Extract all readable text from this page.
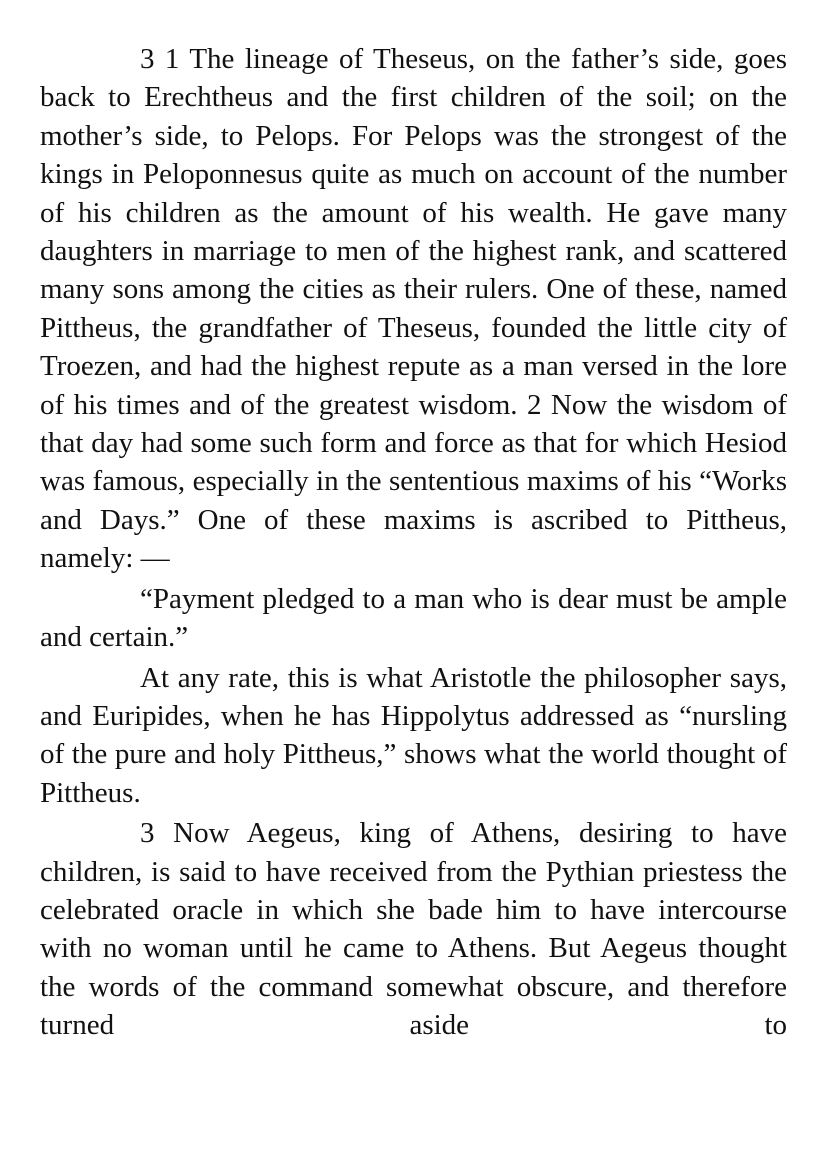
3 1 The lineage of Theseus, on the father’s side, goes back to Erechtheus and the first children of the soil; on the mother’s side, to Pelops. For Pelops was the strongest of the kings in Peloponnesus quite as much on account of the number of his children as the amount of his wealth. He gave many daughters in marriage to men of the highest rank, and scattered many sons among the cities as their rulers. One of these, named Pittheus, the grandfather of Theseus, founded the little city of Troezen, and had the highest repute as a man versed in the lore of his times and of the greatest wisdom. 2 Now the wisdom of that day had some such form and force as that for which Hesiod was famous, especially in the sententious maxims of his “Works and Days.” One of these maxims is ascribed to Pittheus, namely: —

“Payment pledged to a man who is dear must be ample and certain.”

At any rate, this is what Aristotle the philosopher says, and Euripides, when he has Hippolytus addressed as “nursling of the pure and holy Pittheus,” shows what the world thought of Pittheus.

3 Now Aegeus, king of Athens, desiring to have children, is said to have received from the Pythian priestess the celebrated oracle in which she bade him to have intercourse with no woman until he came to Athens. But Aegeus thought the words of the command somewhat obscure, and therefore turned aside to
